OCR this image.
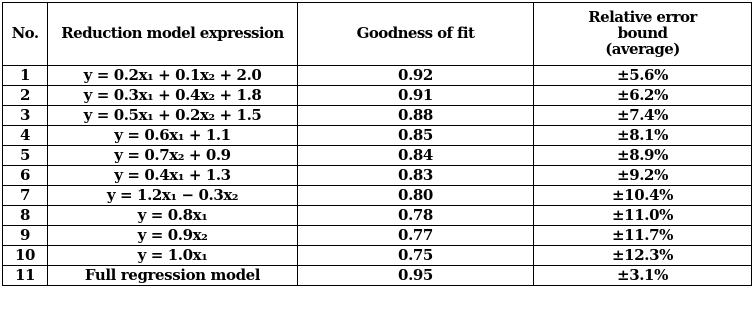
No.	Reduction model expression	Goodness of fit	Relative error
bound
(average)

1	y = 0.2x₁ + 0.1x₂ + 2.0	0.92	±5.6%
2	y = 0.3x₁ + 0.4x₂ + 1.8	0.91	±6.2%
3	y = 0.5x₁ + 0.2x₂ + 1.5	0.88	±7.4%
4	y = 0.6x₁ + 1.1	0.85	±8.1%
5	y = 0.7x₂ + 0.9	0.84	±8.9%
6	y = 0.4x₁ + 1.3	0.83	±9.2%
7	y = 1.2x₁ − 0.3x₂	0.80	±10.4%
8	y = 0.8x₁	0.78	±11.0%
9	y = 0.9x₂	0.77	±11.7%
10	y = 1.0x₁	0.75	±12.3%
11	Full regression model	0.95	±3.1%
